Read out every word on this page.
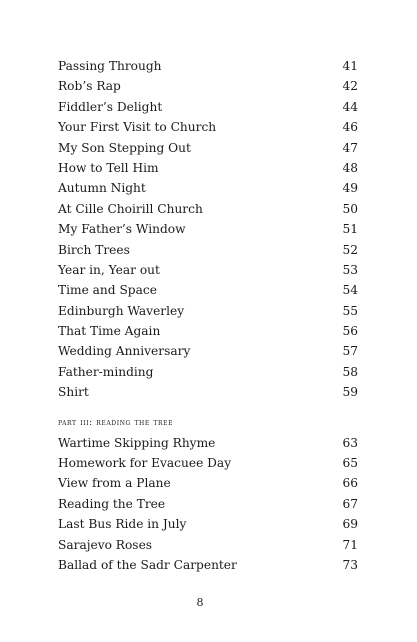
Passing Through	41
Rob’s Rap	42
Fiddler’s Delight	44
Your First Visit to Church	46
My Son Stepping Out	47
How to Tell Him	48
Autumn Night	49
At Cille Choirill Church	50
My Father’s Window	51
Birch Trees	52
Year in, Year out	53
Time and Space	54
Edinburgh Waverley	55
That Time Again	56
Wedding Anniversary	57
Father-minding	58
Shirt	59
part iii: reading the tree
Wartime Skipping Rhyme	63
Homework for Evacuee Day	65
View from a Plane	66
Reading the Tree	67
Last Bus Ride in July	69
Sarajevo Roses	71
Ballad of the Sadr Carpenter	73
8
